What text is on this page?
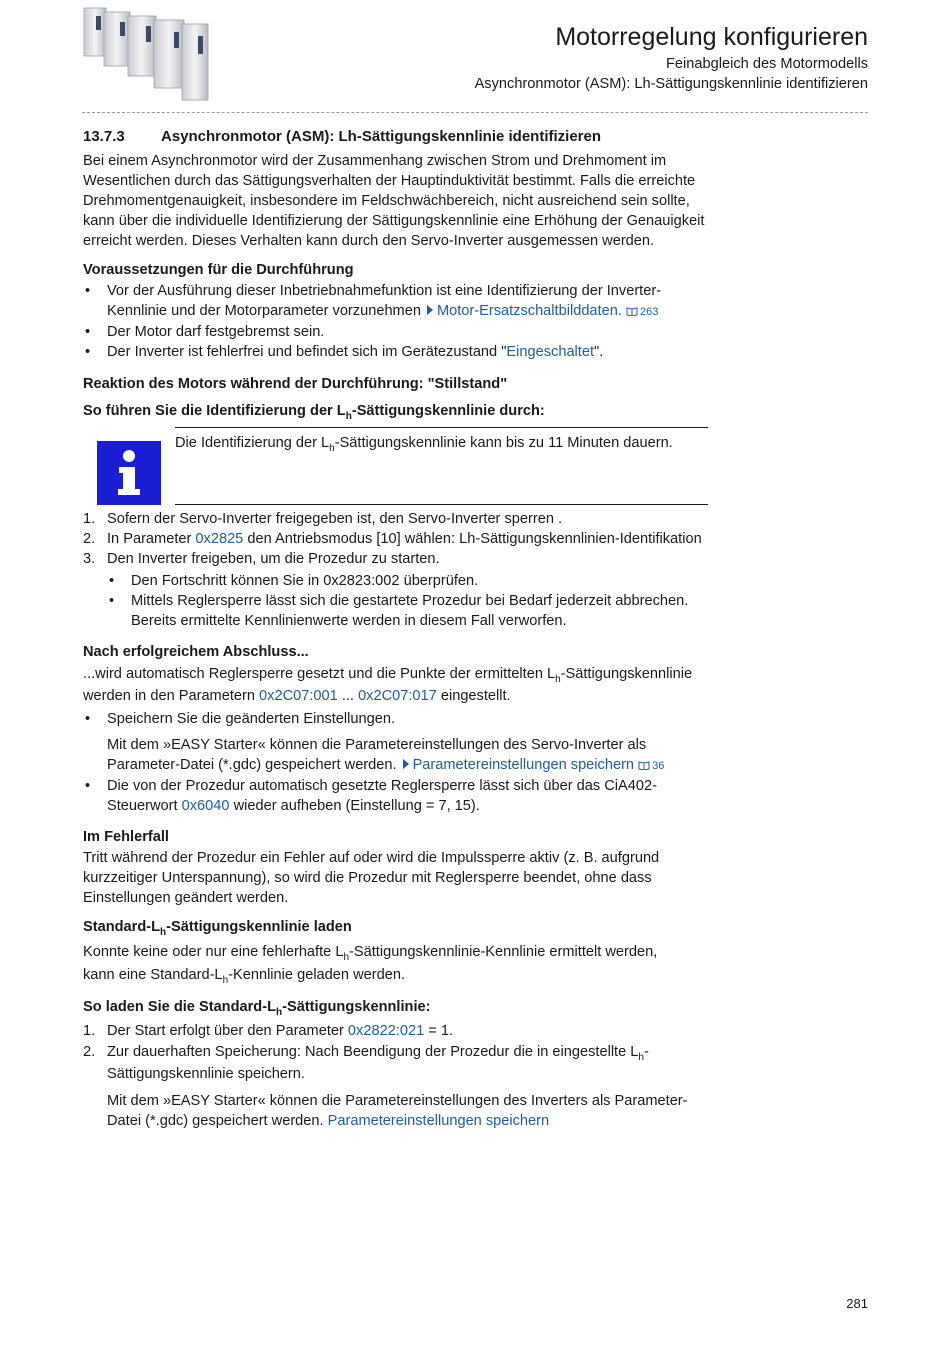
Motorregelung konfigurieren
Feinabgleich des Motormodells
Asynchronmotor (ASM): Lh-Sättigungskennlinie identifizieren
13.7.3 Asynchronmotor (ASM): Lh-Sättigungskennlinie identifizieren

Bei einem Asynchronmotor wird der Zusammenhang zwischen Strom und Drehmoment im Wesentlichen durch das Sättigungsverhalten der Hauptinduktivität bestimmt. Falls die erreichte Drehmomentgenauigkeit, insbesondere im Feldschwächbereich, nicht ausreichend sein sollte, kann über die individuelle Identifizierung der Sättigungskennlinie eine Erhöhung der Genauigkeit erreicht werden. Dieses Verhalten kann durch den Servo-Inverter ausgemessen werden.

Voraussetzungen für die Durchführung
• Vor der Ausführung dieser Inbetriebnahmefunktion ist eine Identifizierung der Inverter-Kennlinie und der Motorparameter vorzunehmen Motor-Ersatzschaltbilddaten. 263
• Der Motor darf festgebremst sein.
• Der Inverter ist fehlerfrei und befindet sich im Gerätezustand "Eingeschaltet".
Reaktion des Motors während der Durchführung: "Stillstand"
So führen Sie die Identifizierung der $L_h$-Sättigungskennlinie durch:
Die Identifizierung der $L_h$-Sättigungskennlinie kann bis zu 11 Minuten dauern.
1. Sofern der Servo-Inverter freigegeben ist, den Servo-Inverter sperren .
2. In Parameter 0x2825 den Antriebsmodus [10] wählen: Lh-Sättigungskennlinien-Identifikation
3. Den Inverter freigeben, um die Prozedur zu starten.
• Den Fortschritt können Sie in 0x2823:002 überprüfen.
• Mittels Reglersperre lässt sich die gestartete Prozedur bei Bedarf jederzeit abbrechen. Bereits ermittelte Kennlinienwerte werden in diesem Fall verworfen.
Nach erfolgreichem Abschluss...

...wird automatisch Reglersperre gesetzt und die Punkte der ermittelten $L_h$-Sättigungskennlinie werden in den Parametern 0x2C07:001 ... 0x2C07:017 eingestellt.

• Speichern Sie die geänderten Einstellungen.

Mit dem »EASY Starter« können die Parametereinstellungen des Servo-Inverter als Parameter-Datei (*.gdc) gespeichert werden. Parametereinstellungen speichern 36

• Die von der Prozedur automatisch gesetzte Reglersperre lässt sich über das CiA402-Steuerwort 0x6040 wieder aufheben (Einstellung = 7, 15).
Im Fehlerfall

Tritt während der Prozedur ein Fehler auf oder wird die Impulssperre aktiv (z. B. aufgrund kurzzeitiger Unterspannung), so wird die Prozedur mit Reglersperre beendet, ohne dass Einstellungen geändert werden.

Standard-$L_h$-Sättigungskennlinie laden

Konnte keine oder nur eine fehlerhafte $L_h-Sättigungskennlinie$-Kennlinie ermittelt werden,
kann eine Standard-$L_h$-Kennlinie geladen werden.

So laden Sie die Standard-$L_h$-Sättigungskennlinie:
1. Der Start erfolgt über den Parameter 0x2822:021 = 1.
2. Zur dauerhaften Speicherung: Nach Beendigung der Prozedur die in eingestellte $L_h$-Sättigungskennlinie speichern.

Mit dem »EASY Starter« können die Parametereinstellungen des Inverters als Parameter-Datei (*.gdc) gespeichert werden. Parametereinstellungen speichern

281
